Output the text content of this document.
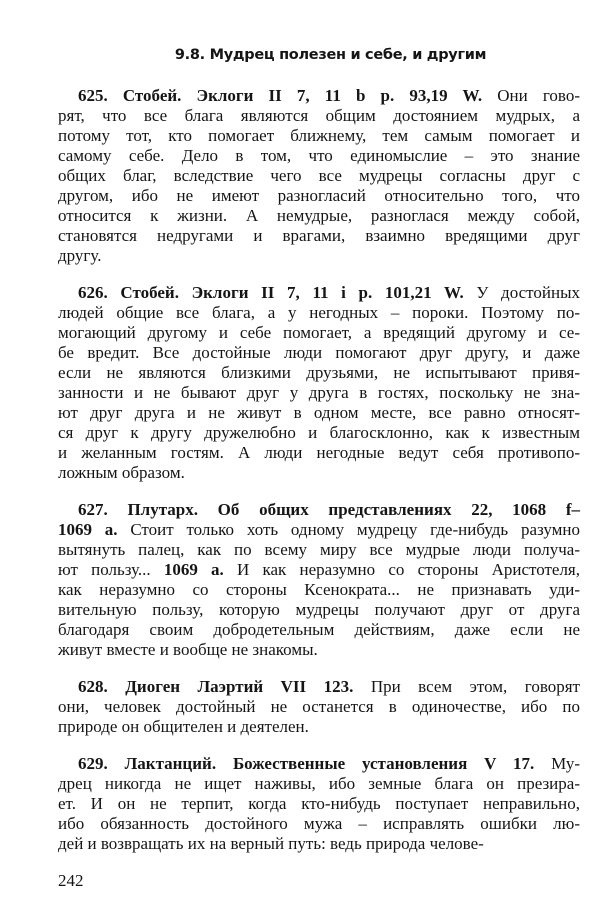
9.8. Мудрец полезен и себе, и другим
625. Стобей. Эклоги II 7, 11 b p. 93,19 W. Они гово-
рят, что все блага являются общим достоянием мудрых, а
потому тот, кто помогает ближнему, тем самым помогает и
самому себе. Дело в том, что единомыслие – это знание
общих благ, вследствие чего все мудрецы согласны друг с
другом, ибо не имеют разногласий относительно того, что
относится к жизни. А немудрые, разноглася между собой,
становятся недругами и врагами, взаимно вредящими друг
другу.
626. Стобей. Эклоги II 7, 11 i p. 101,21 W. У достойных
людей общие все блага, а у негодных – пороки. Поэтому по-
могающий другому и себе помогает, а вредящий другому и се-
бе вредит. Все достойные люди помогают друг другу, и даже
если не являются близкими друзьями, не испытывают привя-
занности и не бывают друг у друга в гостях, поскольку не зна-
ют друг друга и не живут в одном месте, все равно относят-
ся друг к другу дружелюбно и благосклонно, как к известным
и желанным гостям. А люди негодные ведут себя противопо-
ложным образом.
627. Плутарх. Об общих представлениях 22, 1068 f–
1069 a. Стоит только хоть одному мудрецу где-нибудь разумно
вытянуть палец, как по всему миру все мудрые люди получа-
ют пользу... 1069 a. И как неразумно со стороны Аристотеля,
как неразумно со стороны Ксенократа... не признавать уди-
вительную пользу, которую мудрецы получают друг от друга
благодаря своим добродетельным действиям, даже если не
живут вместе и вообще не знакомы.
628. Диоген Лаэртий VII 123. При всем этом, говорят
они, человек достойный не останется в одиночестве, ибо по
природе он общителен и деятелен.
629. Лактанций. Божественные установления V 17. Му-
дрец никогда не ищет наживы, ибо земные блага он презира-
ет. И он не терпит, когда кто-нибудь поступает неправильно,
ибо обязанность достойного мужа – исправлять ошибки лю-
дей и возвращать их на верный путь: ведь природа челове-
242
